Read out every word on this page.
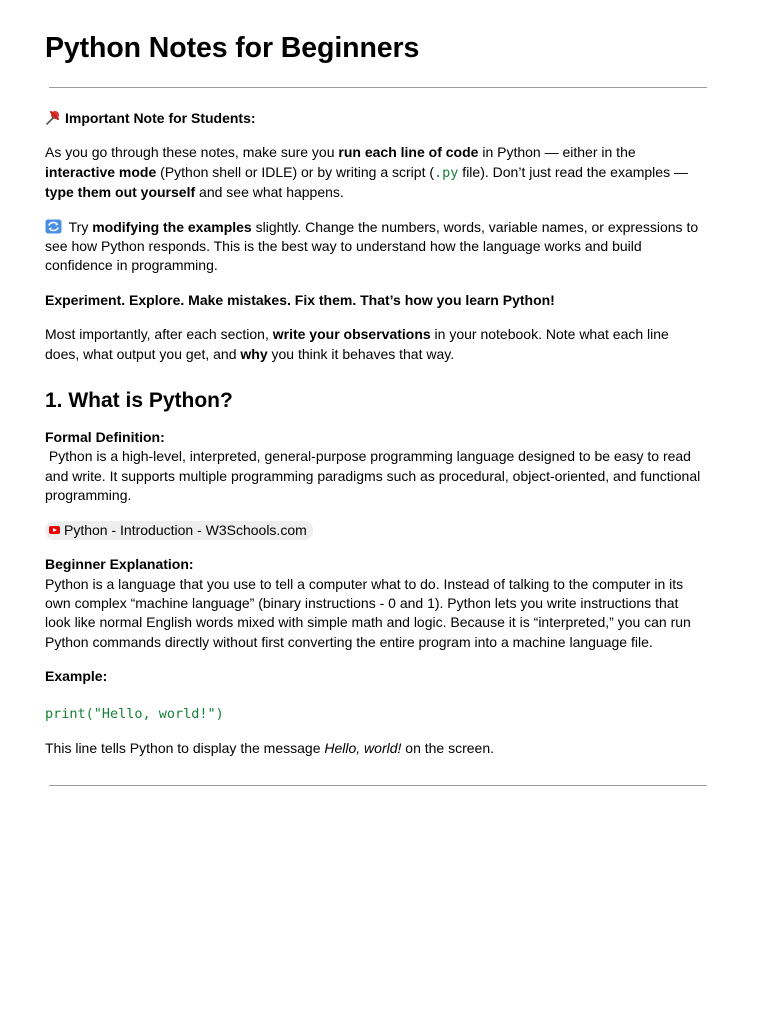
Python Notes for Beginners

Important Note for Students:

As you go through these notes, make sure you run each line of code in Python — either in the interactive mode (Python shell or IDLE) or by writing a script (.py file). Don’t just read the examples — type them out yourself and see what happens.

Try modifying the examples slightly. Change the numbers, words, variable names, or expressions to see how Python responds. This is the best way to understand how the language works and build confidence in programming.

Experiment. Explore. Make mistakes. Fix them. That’s how you learn Python!

Most importantly, after each section, write your observations in your notebook. Note what each line does, what output you get, and why you think it behaves that way.

1. What is Python?

Formal Definition:
Python is a high-level, interpreted, general-purpose programming language designed to be easy to read and write. It supports multiple programming paradigms such as procedural, object-oriented, and functional programming.

Python - Introduction - W3Schools.com

Beginner Explanation:
Python is a language that you use to tell a computer what to do. Instead of talking to the computer in its own complex “machine language” (binary instructions - 0 and 1). Python lets you write instructions that look like normal English words mixed with simple math and logic. Because it is “interpreted,” you can run Python commands directly without first converting the entire program into a machine language file.

Example:

print("Hello, world!")

This line tells Python to display the message Hello, world! on the screen.
